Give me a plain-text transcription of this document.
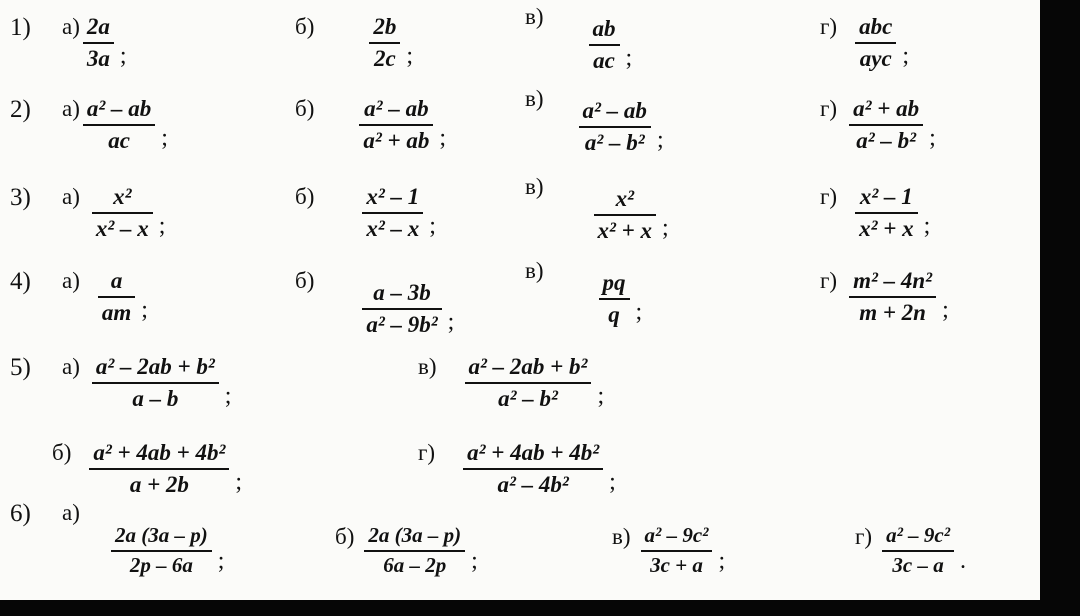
1) $а) \frac{2a}{3a}$ ;
$б) \frac{2b}{2c}$ ;
$в) \frac{ab}{ac}$ ;
$г) \frac{\text{abc}}{\text{ayc}}$ ;
2) $а) \frac{\text{a² – ab}}{ac}$ ;
$б) \frac{\text{a² – ab}}{\text{a² + ab}}$ ;
$в) \frac{\text{a² – ab}}{\text{a² – b²}}$ ;
$г) \frac{\text{a² + ab}}{\text{a² – b²}}$ ;
3) $а) \frac{\text{x²}}{\text{x² – x}}$ ;
$б) \frac{\text{x² – 1}}{\text{x² – x}}$ ;
$в) \frac{\text{x²}}{\text{x² + x}}$ ;
$г) \frac{\text{x² – 1}}{\text{x² + x}}$ ;
4) $а) \frac{a}{am}$ ;
$б) \frac{a - 3b}{\text{a² – 9b²}}$ ;
$в) \frac{pq}{q}$ ;
$г) \frac{\text{m² – 4n²}}{m + 2n}$ ;
5) $а) \frac{\text{a² – 2ab + b²}}{a - b}$ ;
$в) \frac{\text{a² – 2ab + b²}}{\text{a² – b²}}$ ;
$б) \frac{\text{a² + 4ab + 4b²}}{a + 2b}$ ;
$г) \frac{\text{a² + 4ab + 4b²}}{\text{a² – 4b²}}$ ;
6) а)
$\frac{2a (3a - p)}{2p - 6a}$ ;
$б) \frac{2a (3a - p)}{6a - 2p}$ ;
$в) \frac{\text{a² – 9c²}}{3c + a}$ ;
$г) \frac{\text{a² – 9c²}}{3c - a}$ .
